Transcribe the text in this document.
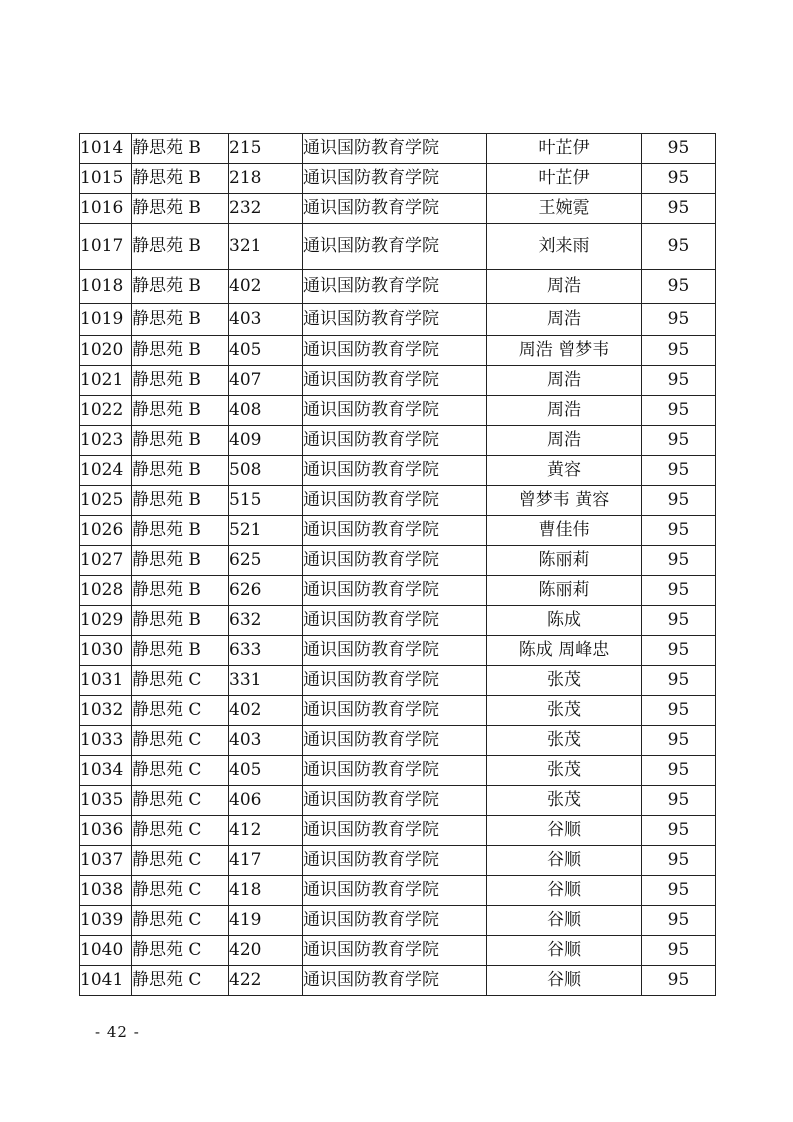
1014	静思苑 B	215	通识国防教育学院	叶芷伊	95
1015	静思苑 B	218	通识国防教育学院	叶芷伊	95
1016	静思苑 B	232	通识国防教育学院	王婉霓	95
1017	静思苑 B	321	通识国防教育学院	刘来雨	95
1018	静思苑 B	402	通识国防教育学院	周浩	95
1019	静思苑 B	403	通识国防教育学院	周浩	95
1020	静思苑 B	405	通识国防教育学院	周浩 曾梦韦	95
1021	静思苑 B	407	通识国防教育学院	周浩	95
1022	静思苑 B	408	通识国防教育学院	周浩	95
1023	静思苑 B	409	通识国防教育学院	周浩	95
1024	静思苑 B	508	通识国防教育学院	黄容	95
1025	静思苑 B	515	通识国防教育学院	曾梦韦 黄容	95
1026	静思苑 B	521	通识国防教育学院	曹佳伟	95
1027	静思苑 B	625	通识国防教育学院	陈丽莉	95
1028	静思苑 B	626	通识国防教育学院	陈丽莉	95
1029	静思苑 B	632	通识国防教育学院	陈成	95
1030	静思苑 B	633	通识国防教育学院	陈成 周峰忠	95
1031	静思苑 C	331	通识国防教育学院	张茂	95
1032	静思苑 C	402	通识国防教育学院	张茂	95
1033	静思苑 C	403	通识国防教育学院	张茂	95
1034	静思苑 C	405	通识国防教育学院	张茂	95
1035	静思苑 C	406	通识国防教育学院	张茂	95
1036	静思苑 C	412	通识国防教育学院	谷顺	95
1037	静思苑 C	417	通识国防教育学院	谷顺	95
1038	静思苑 C	418	通识国防教育学院	谷顺	95
1039	静思苑 C	419	通识国防教育学院	谷顺	95
1040	静思苑 C	420	通识国防教育学院	谷顺	95
1041	静思苑 C	422	通识国防教育学院	谷顺	95
- 42 -
